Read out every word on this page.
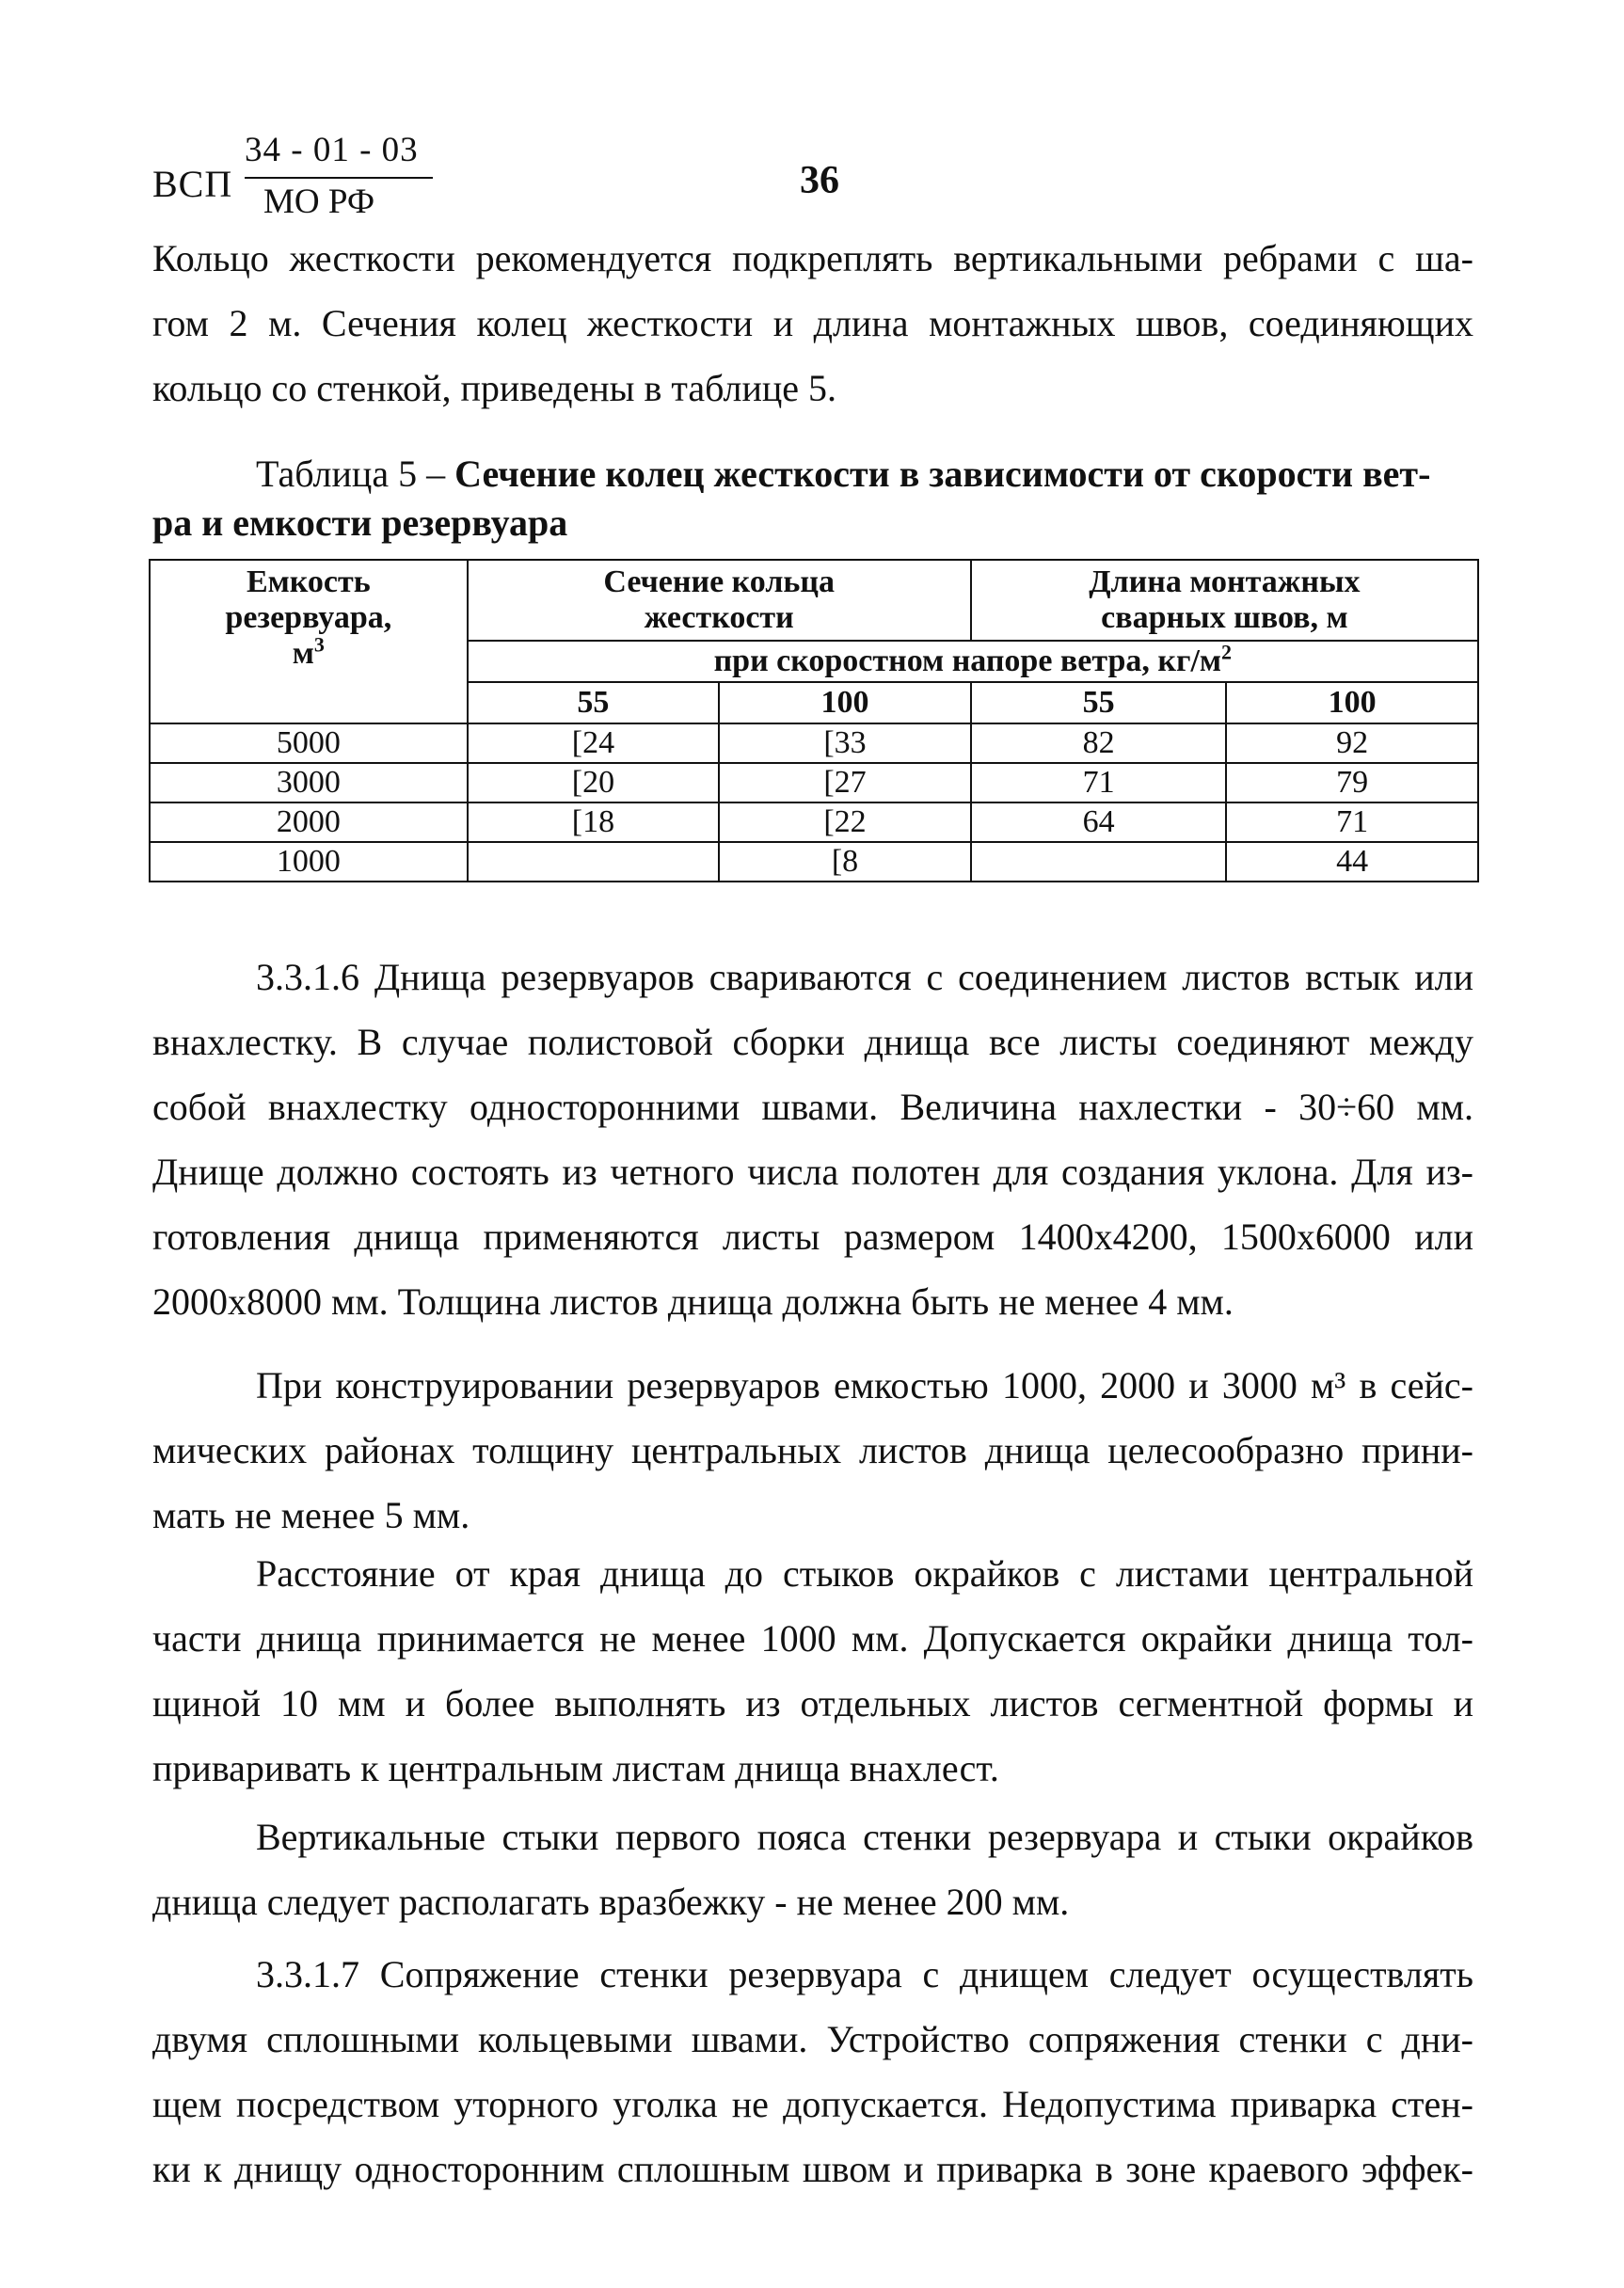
ВСП
34 - 01 - 03
МО РФ	36
Кольцо жесткости рекомендуется подкреплять вертикальными ребрами с ша-
гом 2 м. Сечения колец жесткости и длина монтажных швов, соединяющих
кольцо со стенкой, приведены в таблице 5.
Таблица 5 – Сечение колец жесткости в зависимости от скорости вет-
ра и емкости резервуара
Емкость
резервуара,
$м^3$	Сечение кольца
жесткости		Длина монтажных
сварных швов, м	
	при скоростном напоре ветра, $кг/м^2$
	55	100	55	100
5000	[24	[33	82	92
3000	[20	[27	71	79
2000	[18	[22	64	71
1000		[8		44
3.3.1.6 Днища резервуаров свариваются с соединением листов встык или
внахлестку. В случае полистовой сборки днища все листы соединяют между
собой внахлестку односторонними швами. Величина нахлестки - 30÷60 мм.
Днище должно состоять из четного числа полотен для создания уклона. Для из-
готовления днища применяются листы размером 1400х4200, 1500х6000 или
2000х8000 мм. Толщина листов днища должна быть не менее 4 мм.
При конструировании резервуаров емкостью 1000, 2000 и 3000 м³ в сейс-
мических районах толщину центральных листов днища целесообразно прини-
мать не менее 5 мм.
Расстояние от края днища до стыков окрайков с листами центральной
части днища принимается не менее 1000 мм. Допускается окрайки днища тол-
щиной 10 мм и более выполнять из отдельных листов сегментной формы и
приваривать к центральным листам днища внахлест.
Вертикальные стыки первого пояса стенки резервуара и стыки окрайков
днища следует располагать вразбежку - не менее 200 мм.
3.3.1.7 Сопряжение стенки резервуара с днищем следует осуществлять
двумя сплошными кольцевыми швами. Устройство сопряжения стенки с дни-
щем посредством уторного уголка не допускается. Недопустима приварка стен-
ки к днищу односторонним сплошным швом и приварка в зоне краевого эффек-
